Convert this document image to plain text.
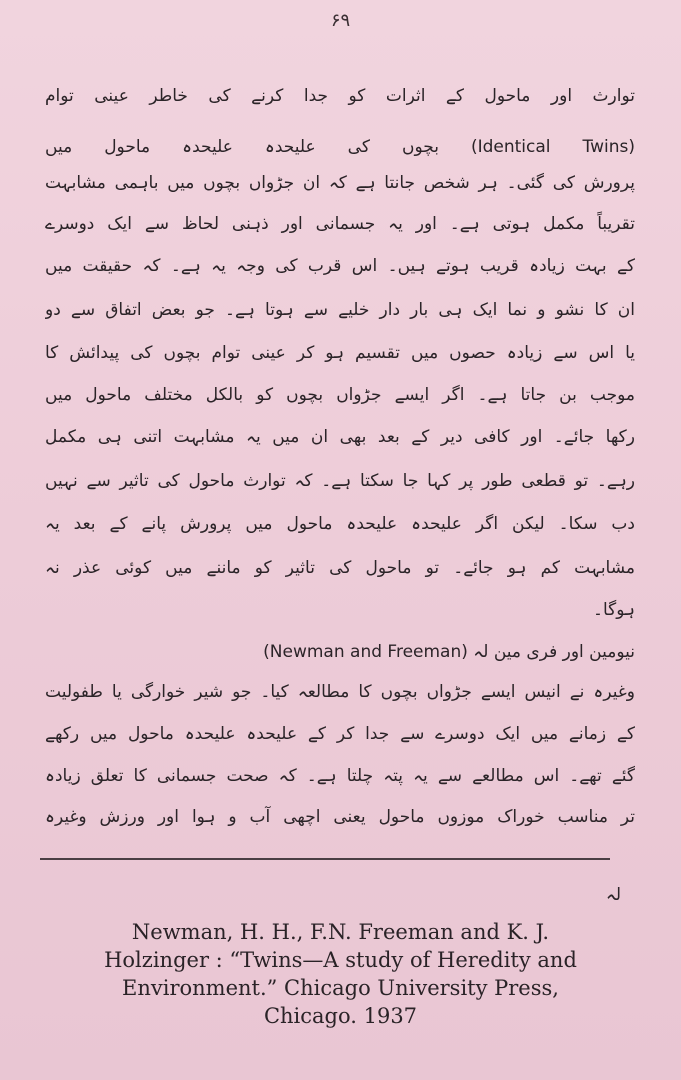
۶۹
توارث اور ماحول کے اثرات کو جدا کرنے کی خاطر عینی توام
(Identical Twins) بچوں کی علیحدہ علیحدہ ماحول میں
پرورش کی گئی۔ ہر شخص جانتا ہے کہ ان جڑواں بچوں میں باہمی مشابہت
تقریباً مکمل ہوتی ہے۔ اور یہ جسمانی اور ذہنی لحاظ سے ایک دوسرے
کے بہت زیادہ قریب ہوتے ہیں۔ اس قرب کی وجہ یہ ہے۔ کہ حقیقت میں
ان کا نشو و نما ایک ہی بار دار خلیے سے ہوتا ہے۔ جو بعض اتفاق سے دو
یا اس سے زیادہ حصوں میں تقسیم ہو کر عینی توام بچوں کی پیدائش کا
موجب بن جاتا ہے۔ اگر ایسے جڑواں بچوں کو بالکل مختلف ماحول میں
رکھا جائے۔ اور کافی دیر کے بعد بھی ان میں یہ مشابہت اتنی ہی مکمل
رہے۔ تو قطعی طور پر کہا جا سکتا ہے۔ کہ توارث ماحول کی تاثیر سے نہیں
دب سکا۔ لیکن اگر علیحدہ علیحدہ ماحول میں پرورش پانے کے بعد یہ
مشابہت کم ہو جائے۔ تو ماحول کی تاثیر کو ماننے میں کوئی عذر نہ
ہوگا۔
نیومین اور فری مین لہ (Newman and Freeman)
وغیرہ نے انیس ایسے جڑواں بچوں کا مطالعہ کیا۔ جو شیر خوارگی یا طفولیت
کے زمانے میں ایک دوسرے سے جدا کر کے علیحدہ علیحدہ ماحول میں رکھے
گئے تھے۔ اس مطالعے سے یہ پتہ چلتا ہے۔ کہ صحت جسمانی کا تعلق زیادہ
تر مناسب خوراک موزوں ماحول یعنی اچھی آب و ہوا اور ورزش وغیرہ
لہ
Newman, H. H., F.N. Freeman and K. J.
Holzinger : “Twins—A study of Heredity and
Environment.” Chicago University Press,
Chicago. 1937
